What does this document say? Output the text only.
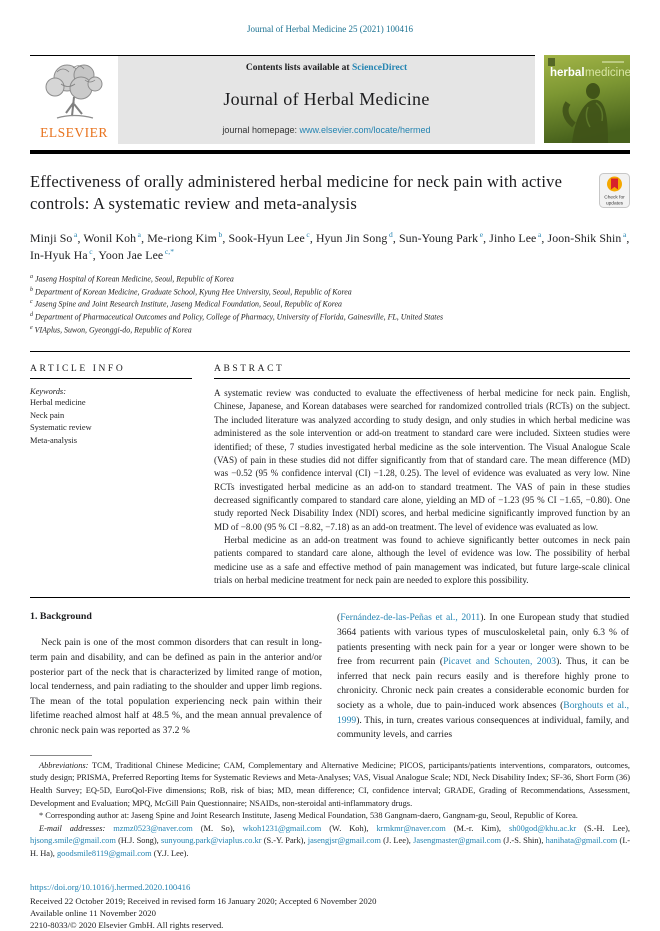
Journal of Herbal Medicine 25 (2021) 100416
ELSEVIER
Contents lists available at ScienceDirect
Journal of Herbal Medicine
journal homepage: www.elsevier.com/locate/hermed
herbal medicine
Effectiveness of orally administered herbal medicine for neck pain with active controls: A systematic review and meta-analysis	Check for
updates
Minji So $^a$, Wonil Koh $^a$, Me-riong Kim $^b$, Sook-Hyun Lee $^c$, Hyun Jin Song $^d$, Sun-Young Park $^e$, Jinho Lee $^a$, Joon-Shik Shin $^a$, In-Hyuk Ha $^c$, Yoon Jae Lee $^{c,*}$
$^a$ Jaseng Hospital of Korean Medicine, Seoul, Republic of Korea
$^b$ Department of Korean Medicine, Graduate School, Kyung Hee University, Seoul, Republic of Korea
$^c$ Jaseng Spine and Joint Research Institute, Jaseng Medical Foundation, Seoul, Republic of Korea
$^d$ Department of Pharmaceutical Outcomes and Policy, College of Pharmacy, University of Florida, Gainesville, FL, United States
$^e$ VIAplus, Suwon, Gyeonggi-do, Republic of Korea
ARTICLE INFO
Keywords:
Herbal medicine
Neck pain
Systematic review
Meta-analysis
ABSTRACT

A systematic review was conducted to evaluate the effectiveness of herbal medicine for neck pain. English, Chinese, Japanese, and Korean databases were searched for randomized controlled trials (RCTs) on the subject. The included literature was analyzed according to study design, and only studies in which herbal medicine was administered as the sole intervention or add-on treatment to standard care were included. Sixteen studies were identified; of these, 7 studies investigated herbal medicine as the sole intervention. The Visual Analogue Scale (VAS) of pain in these studies did not differ significantly from that of standard care. The mean difference (MD) was −0.52 (95 % confidence interval (CI) −1.28, 0.25). The level of evidence was evaluated as very low. Nine RCTs investigated herbal medicine as an add-on to standard treatment. The VAS of pain in these studies decreased significantly compared to standard care alone, yielding an MD of −1.23 (95 % CI −1.65, −0.80). One study reported Neck Disability Index (NDI) scores, and herbal medicine significantly improved function by an MD of −8.00 (95 % CI −8.82, −7.18) as an add-on treatment. The level of evidence was evaluated as low.

Herbal medicine as an add-on treatment was found to achieve significantly better outcomes in neck pain patients compared to standard care alone, although the level of evidence was low. The possibility of herbal medicine use as a safe and effective method of pain management was indicated, but future large-scale clinical trials on herbal medicine treatment for neck pain are needed to explore this possibility.

1. Background

Neck pain is one of the most common disorders that can result in long-term pain and disability, and can be defined as pain in the anterior and/or posterior part of the neck that is characterized by limited range of motion, local tenderness, and pain radiating to the shoulder and upper limb regions. The mean of the total population experiencing neck pain within their lifetime reached almost half at 48.5 %, and the mean annual prevalence of chronic neck pain was reported as 37.2 %

(Fernández-de-las-Peñas et al., 2011). In one European study that studied 3664 patients with various types of musculoskeletal pain, only 6.3 % of patients presenting with neck pain for a year or longer were shown to be free from recurrent pain (Picavet and Schouten, 2003). Thus, it can be inferred that neck pain recurs easily and is therefore highly prone to chronicity. Chronic neck pain creates a considerable economic burden for society as a whole, due to pain-induced work absences (Borghouts et al., 1999). This, in turn, creates various consequences at individual, family, and community levels, and carries

Abbreviations: TCM, Traditional Chinese Medicine; CAM, Complementary and Alternative Medicine; PICOS, participants/patients interventions, comparators, outcomes, study design; PRISMA, Preferred Reporting Items for Systematic Reviews and Meta-Analyses; VAS, Visual Analogue Scale; NDI, Neck Disability Index; SF-36, Short Form (36) Health Survey; EQ-5D, EuroQol-Five dimensions; RoB, risk of bias; MD, mean difference; CI, confidence interval; GRADE, Grading of Recommendations, Assessment, Development and Evaluation; MPQ, McGill Pain Questionnaire; NSAIDs, non-steroidal anti-inflammatory drugs.

* Corresponding author at: Jaseng Spine and Joint Research Institute, Jaseng Medical Foundation, 538 Gangnam-daero, Gangnam-gu, Seoul, Republic of Korea.

E-mail addresses: mzmz0523@naver.com (M. So), wkoh1231@gmail.com (W. Koh), krmkmr@naver.com (M.-r. Kim), sh00god@khu.ac.kr (S.-H. Lee), hjsong.smile@gmail.com (H.J. Song), sunyoung.park@viaplus.co.kr (S.-Y. Park), jasengjsr@gmail.com (J. Lee), Jasengmaster@gmail.com (J.-S. Shin), hanihata@gmail.com (I.-H. Ha), goodsmile8119@gmail.com (Y.J. Lee).

https://doi.org/10.1016/j.hermed.2020.100416
Received 22 October 2019; Received in revised form 16 January 2020; Accepted 6 November 2020
Available online 11 November 2020
2210-8033/© 2020 Elsevier GmbH. All rights reserved.
